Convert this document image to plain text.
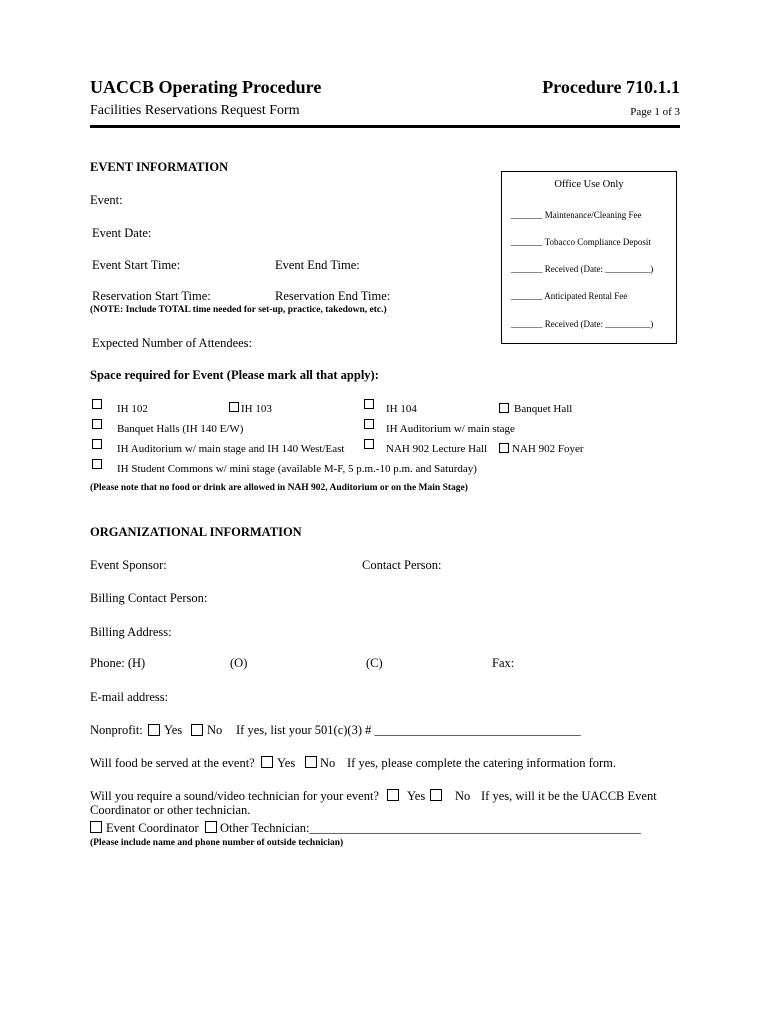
UACCB Operating Procedure	Procedure 710.1.1
Facilities Reservations Request Form	Page 1 of 3
EVENT INFORMATION
Event:
Event Date:
Event Start Time:	Event End Time:
Reservation Start Time:	Reservation End Time:
(NOTE: Include TOTAL time needed for set-up, practice, takedown, etc.)
Expected Number of Attendees:
Office Use Only
_______ Maintenance/Cleaning Fee
_______ Tobacco Compliance Deposit
_______ Received (Date: __________)
_______ Anticipated Rental Fee
_______ Received (Date: __________)
Space required for Event (Please mark all that apply):
IH 102	IH 103	IH 104	Banquet Hall
Banquet Halls (IH 140 E/W)	IH Auditorium w/ main stage
IH Auditorium w/ main stage and IH 140 West/East	NAH 902 Lecture Hall NAH 902 Foyer
IH Student Commons w/ mini stage (available M-F, 5 p.m.-10 p.m. and Saturday)
(Please note that no food or drink are allowed in NAH 902, Auditorium or on the Main Stage)
ORGANIZATIONAL INFORMATION
Event Sponsor:	Contact Person:
Billing Contact Person:
Billing Address:
Phone: (H)	(O)	(C)	Fax:
E-mail address:
Nonprofit: Yes No If yes, list your 501(c)(3) # _________________________________
Will food be served at the event? Yes No If yes, please complete the catering information form.
Will you require a sound/video technician for your event? Yes No If yes, will it be the UACCB Event
Coordinator or other technician.
Event Coordinator Other Technician:_____________________________________________________
(Please include name and phone number of outside technician)
